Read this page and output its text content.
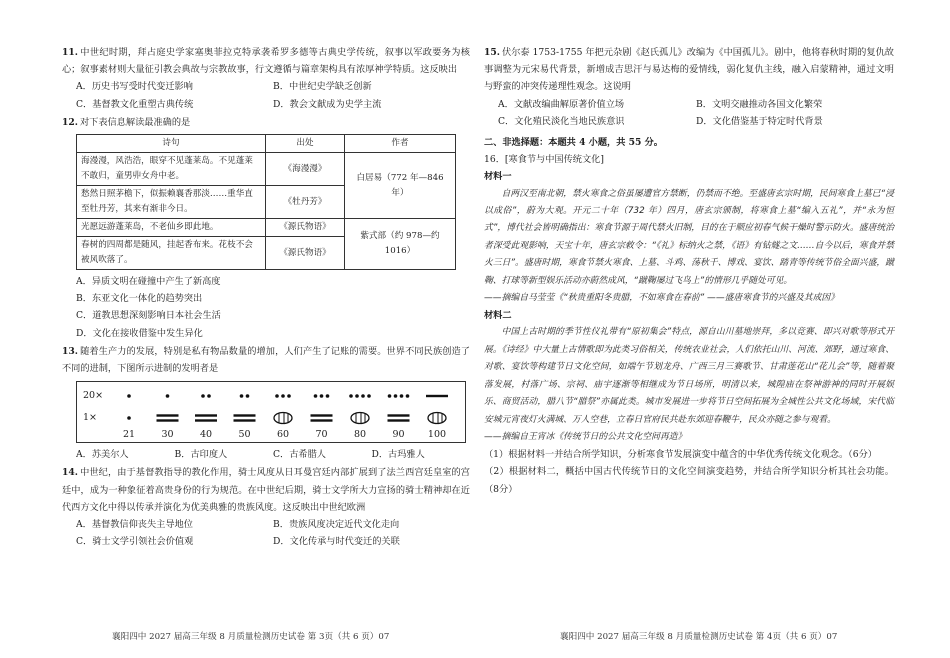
11. 中世纪时期，拜占庭史学家塞奥菲拉克特承袭希罗多德等古典史学传统，叙事以军政要务为核心；叙事素材则大量征引教会典故与宗教故事，行文遵循与篇章架构具有浓厚神学特质。这反映出

A．历史书写受时代变迁影响	B．中世纪史学缺乏创新
C．基督教文化重塑古典传统	D．教会文献成为史学主流

12. 对下表信息解读最准确的是

诗句	出处	作者
海漫漫，风浩浩，眼穿不见蓬莱岛。不见蓬莱不敢归，童男丱女舟中老。	《海漫漫》	白居易（772 年—846 年）
愁然日照茅檐下，似振赖襄香那淡……重华直至牡丹芳，其来有渐非今日。	《牡丹芳》	
光愿远游蓬莱岛，不老仙乡即此地。	《源氏物语》	紫式部（约 978—约 1016）
春树的四周都是随风，挂起香布来。花枝不会被风吹落了。	《源氏物语》	
A．异质文明在碰撞中产生了新高度
B．东亚文化一体化的趋势突出
C．道教思想深刻影响日本社会生活
D．文化在接收借鉴中发生异化

13. 随着生产力的发展，特别是私有物品数量的增加，人们产生了记账的需要。世界不同民族创造了不同的进制，下图所示进制的发明者是

20×
1×
21	30	40	50	60	70	80	90 100
A．苏美尔人	B．古印度人	C．古希腊人	D．古玛雅人

14. 中世纪，由于基督教指导的教化作用，骑士风度从日耳曼宫廷内部扩展到了法兰西宫廷皇室的宫廷中，成为一种象征着高贵身份的行为规范。在中世纪后期，骑士文学所大力宣扬的骑士精神却在近代西方文化中得以传承并演化为优美典雅的贵族风度。这反映出中世纪欧洲

A．基督教信仰丧失主导地位	B．贵族风度决定近代文化走向
C．骑士文学引领社会价值观	D．文化传承与时代变迁的关联
襄阳四中 2027 届高三年级 8 月质量检测历史试卷 第 3页（共 6 页）07

15. 伏尔泰 1753-1755 年把元杂剧《赵氏孤儿》改编为《中国孤儿》。剧中，他将春秋时期的复仇故事调整为元宋易代背景，新增成吉思汗与易达梅的爱情线，弱化复仇主线，融入启蒙精神，通过文明与野蛮的冲突传递理性观念。这说明

A．文献改编曲解原著价值立场	B．文明交融推动各国文化繁荣
C．文化殖民淡化当地民族意识	D．文化借鉴基于特定时代背景

二、非选择题：本题共 4 小题，共 55 分。

16．[寒食节与中国传统文化]

材料一

自两汉至南北朝，禁火寒食之俗虽屡遭官方禁断，仍禁而不绝。至盛唐玄宗时期，民间寒食上墓已“浸以成俗”，蔚为大观。开元二十年（732 年）四月，唐玄宗颁制，将寒食上墓“编入五礼”，并“永为恒式”，博代社会皆明确指出：寒食节源于周代禁火旧制，目的在于顺应初春气候干燥时警示防火。盛唐统治者深受此观影响，天宝十年，唐玄宗敕令：“《礼》标纳火之禁，《语》有钻燧之文……自今以后，寒食并禁火三日”。盛唐时期，寒食节禁火寒食、上墓、斗鸡、荡秋千、博戏、宴饮、踏青等传统节俗全面兴盛，蹴鞠、打球等新型娱乐活动亦蔚然成风，“蹴鞠屡过飞鸟上”的情形几乎随处可见。

——摘编自马莹莹《“秋贵重阳冬贵腊，不如寒食在春前” ——盛唐寒食节的兴盛及其成因》

材料二

中国上古时期的季节性仪礼带有“原初集会”特点，源自山川墓地崇拜，多以竞赛、即兴对歌等形式开展。《诗经》中大量上古情歌即为此类习俗相关，传统农业社会，人们依托山川、河流、郊野，通过寒食、对歌、宴饮等构建节日文化空间，如端午节划龙舟、广西三月三赛歌节、甘肃莲花山“花儿会”等，随着聚落发展，村落广场、宗祠、庙宇逐渐等相继成为节日场所，明清以来，城隍庙在祭神游神的同时开展娱乐、商贸活动，腊八节“腊祭”亦属此类。城市发展进一步将节日空间拓展为全城性公共文化场域，宋代临安城元宵夜灯火满城、万人空巷，立春日官府民共赴东郊迎春鞭牛，民众亦随之参与观看。

——摘编自王宵冰《传统节日的公共文化空间再造》

（1）根据材料一并结合所学知识，分析寒食节发展演变中蕴含的中华优秀传统文化观念。（6分）

（2）根据材料二，概括中国古代传统节日的文化空间演变趋势，并结合所学知识分析其社会功能。（8分）

襄阳四中 2027 届高三年级 8 月质量检测历史试卷 第 4页（共 6 页）07
